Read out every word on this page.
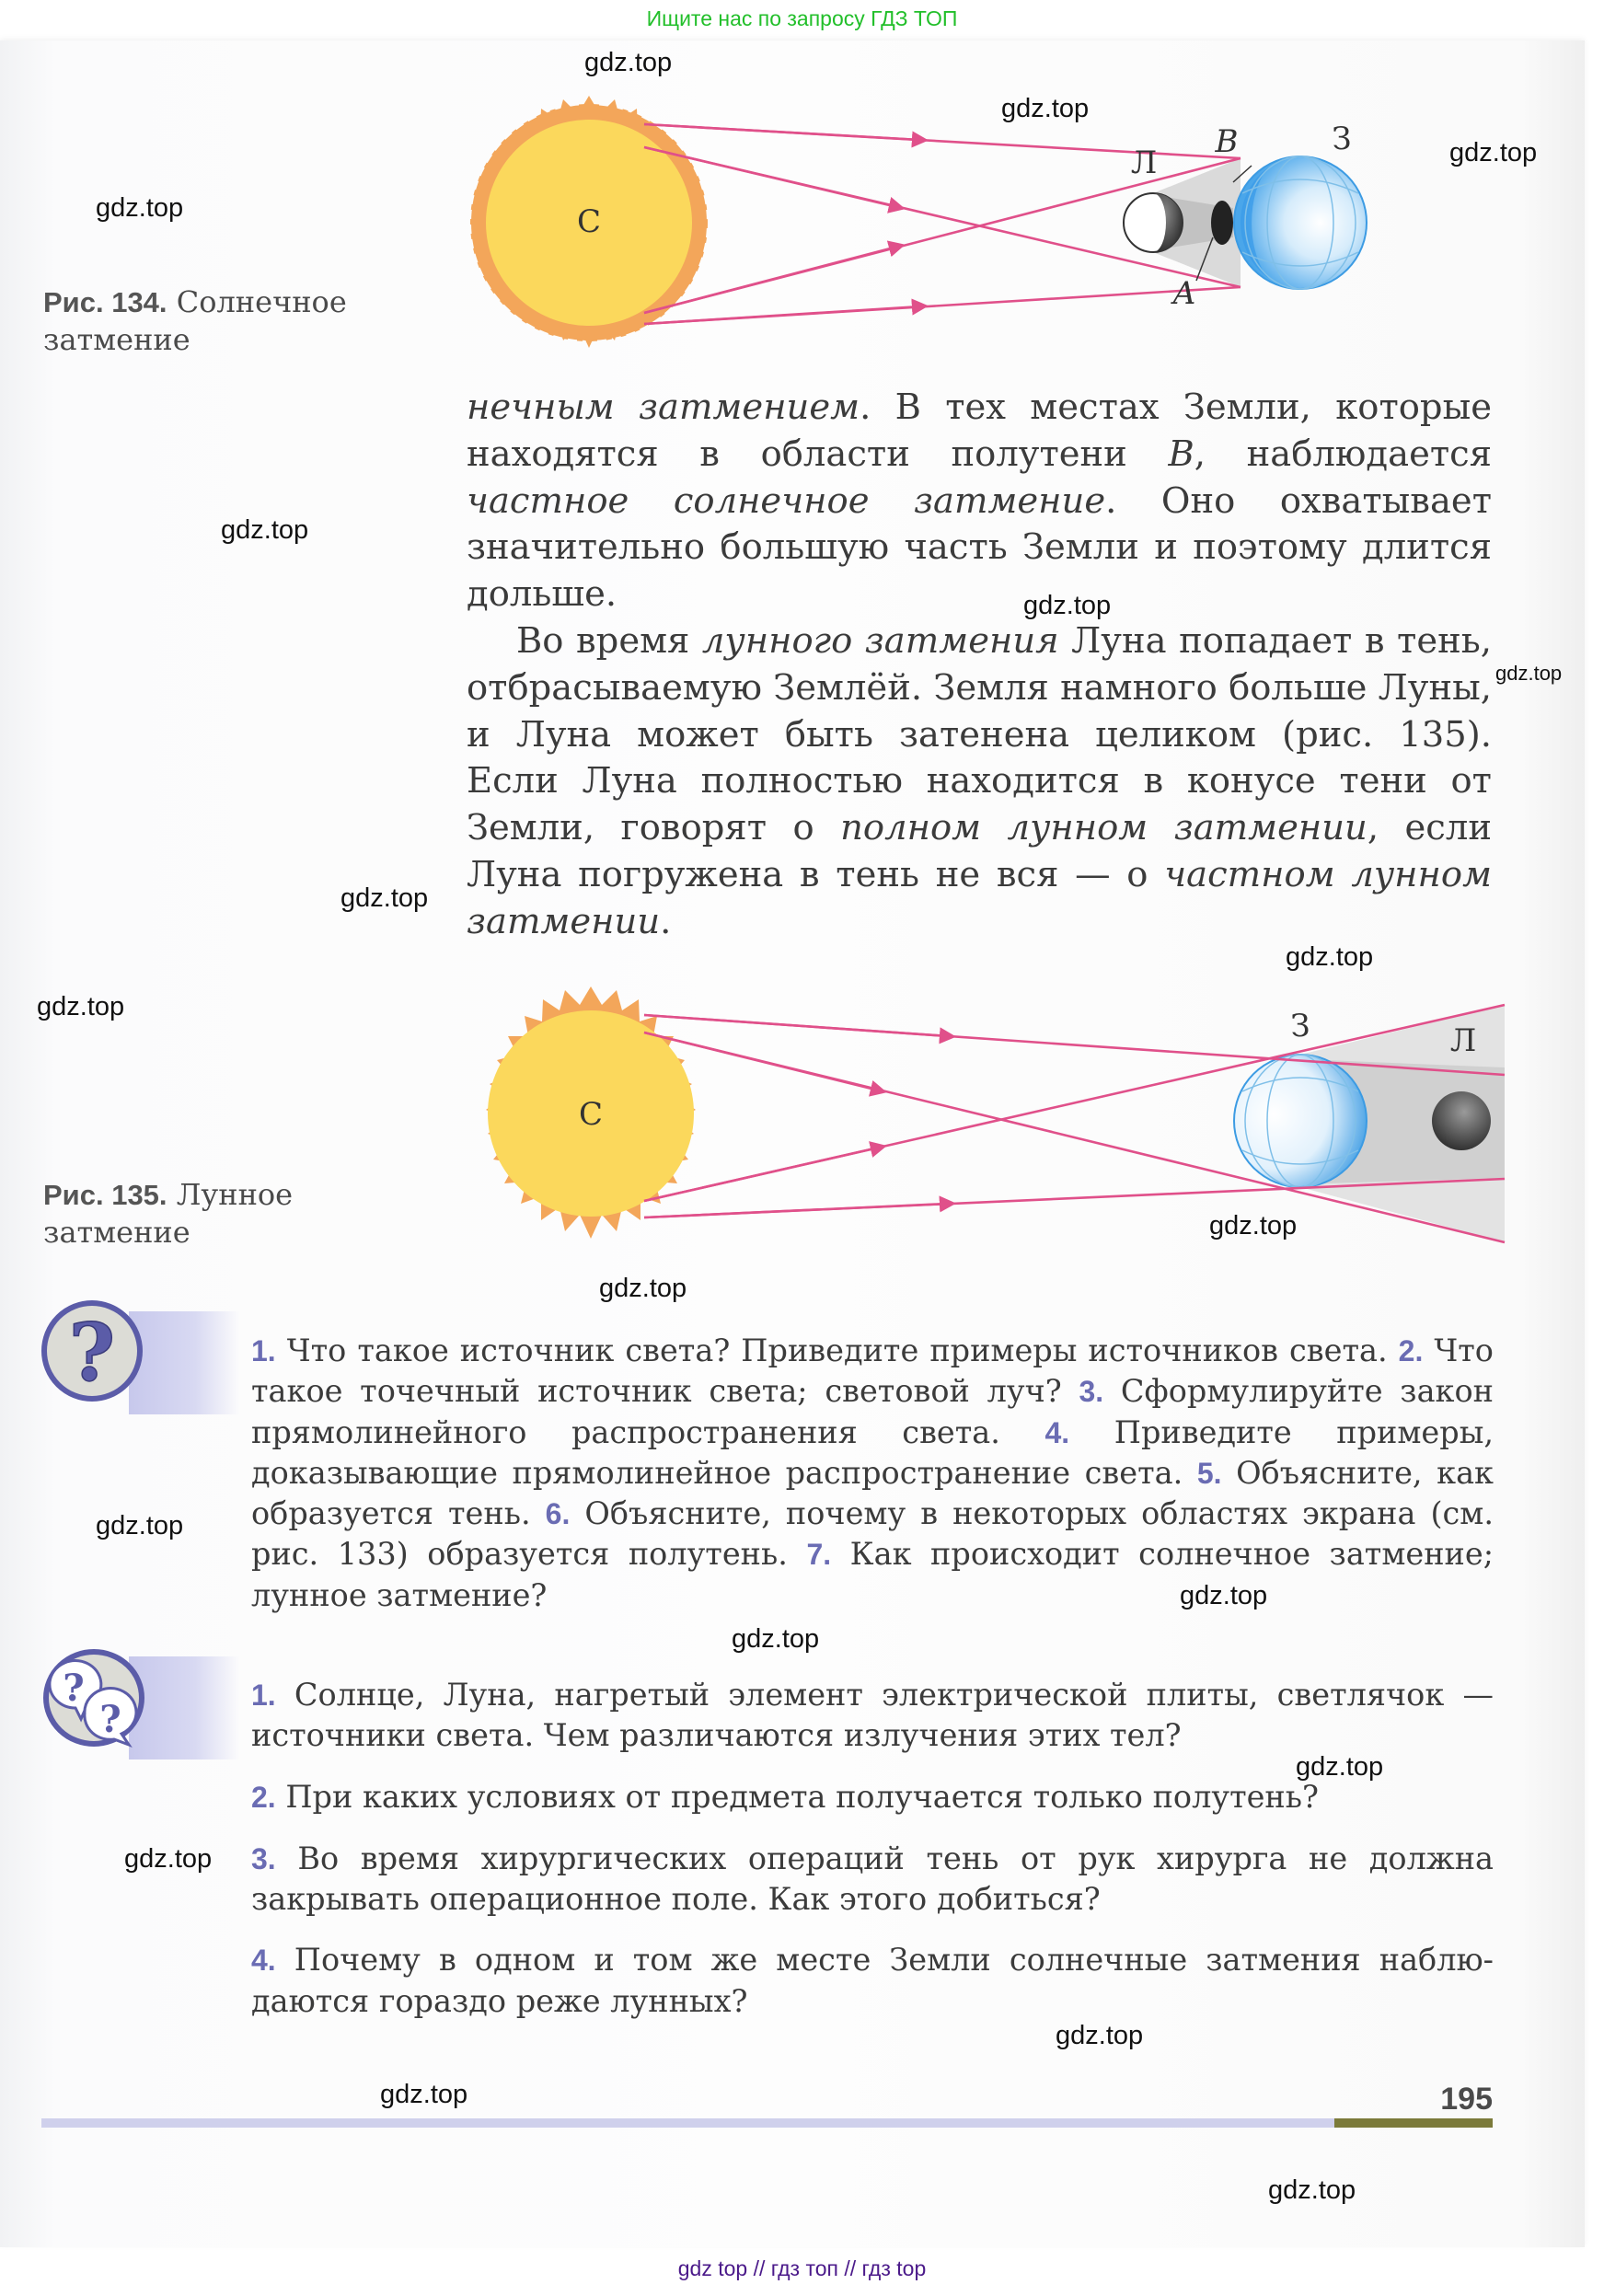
Ищите нас по запросу ГДЗ ТОП
С
Л
B	З
A
Рис. 134. Солнечное
затмение

нечным затмением. В тех местах Земли, которые находятся в области полутени B, наблюдается частное солнечное затмение. Оно охватывает значительно большую часть Земли и поэтому длится дольше.

Во время лунного затмения Луна попадает в тень, отбрасываемую Землёй. Земля намного больше Луны, и Луна может быть затенена целиком (рис. 135). Если Луна полностью находится в конусе тени от Земли, говорят о полном лунном затмении, если Луна погружена в тень не вся — о частном лунном затмении.

С
З	Л
Рис. 135. Лунное
затмение
?	1. Что такое источник света? Приведите примеры источников света. 2. Что такое точечный источник света; световой луч? 3. Сформулируйте закон прямолинейного распространения света. 4. Приведите примеры, доказывающие прямолинейное распространение света. 5. Объясните, как образуется тень. 6. Объясните, почему в некоторых областях экрана (см. рис. 133) образуется полутень. 7. Как происходит солнечное затмение; лунное затмение?

?
?

1. Солнце, Луна, нагретый элемент электрической плиты, светлячок — источники света. Чем различаются излучения этих тел?

2. При каких условиях от предмета получается только полутень?

3. Во время хирургических операций тень от рук хирурга не должна закрывать операционное поле. Как этого добиться?

4. Почему в одном и том же месте Земли солнечные затмения наблюдаются гораздо реже лунных?

195
gdz.top
gdz.top
gdz.top
gdz.top
gdz.top
gdz.top
gdz.top
gdz.top
gdz.top
gdz.top
gdz.top
gdz.top
gdz.top
gdz.top
gdz.top
gdz.top
gdz.top
gdz.top
gdz.top
gdz.top
gdz top // гдз топ // гдз top
